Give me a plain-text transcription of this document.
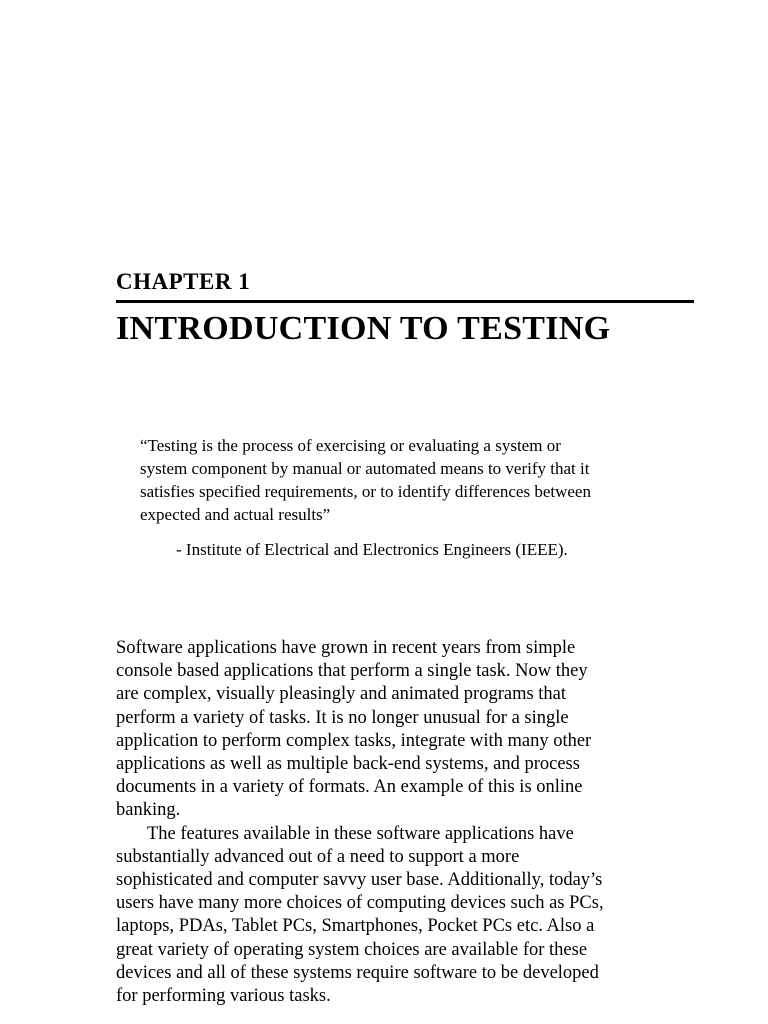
CHAPTER 1
INTRODUCTION TO TESTING
“Testing is the process of exercising or evaluating a system or
system component by manual or automated means to verify that it
satisfies specified requirements, or to identify differences between
expected and actual results”
- Institute of Electrical and Electronics Engineers (IEEE).
Software applications have grown in recent years from simple
console based applications that perform a single task. Now they
are complex, visually pleasingly and animated programs that
perform a variety of tasks. It is no longer unusual for a single
application to perform complex tasks, integrate with many other
applications as well as multiple back-end systems, and process
documents in a variety of formats. An example of this is online
banking.
The features available in these software applications have
substantially advanced out of a need to support a more
sophisticated and computer savvy user base. Additionally, today’s
users have many more choices of computing devices such as PCs,
laptops, PDAs, Tablet PCs, Smartphones, Pocket PCs etc. Also a
great variety of operating system choices are available for these
devices and all of these systems require software to be developed
for performing various tasks.
